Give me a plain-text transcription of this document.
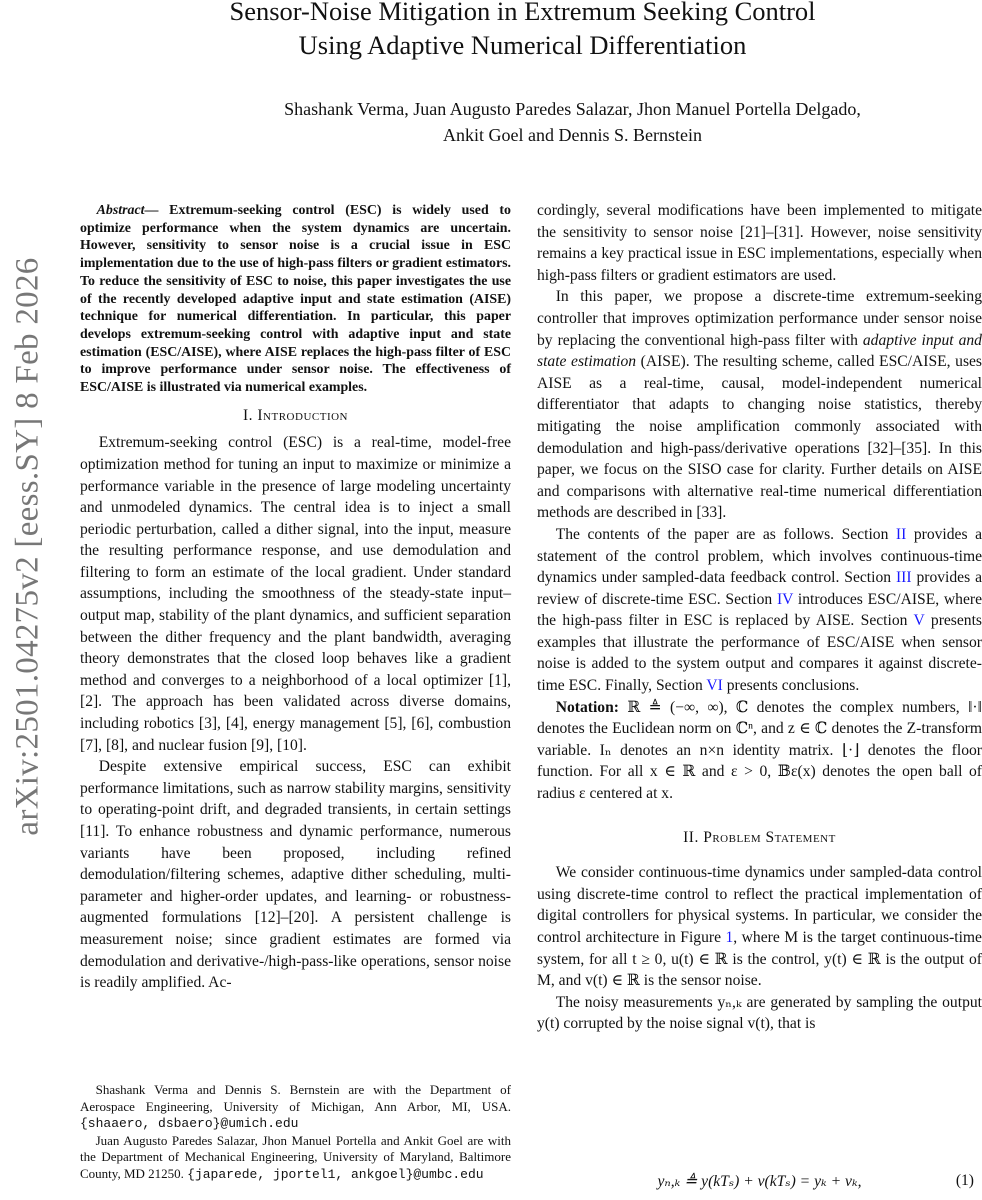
Sensor-Noise Mitigation in Extremum Seeking Control
Using Adaptive Numerical Differentiation
Shashank Verma, Juan Augusto Paredes Salazar, Jhon Manuel Portella Delgado,
Ankit Goel and Dennis S. Bernstein
arXiv:2501.04275v2 [eess.SY] 8 Feb 2026
Abstract— Extremum-seeking control (ESC) is widely used to optimize performance when the system dynamics are uncertain. However, sensitivity to sensor noise is a crucial issue in ESC implementation due to the use of high-pass filters or gradient estimators. To reduce the sensitivity of ESC to noise, this paper investigates the use of the recently developed adaptive input and state estimation (AISE) technique for numerical differentiation. In particular, this paper develops extremum-seeking control with adaptive input and state estimation (ESC/AISE), where AISE replaces the high-pass filter of ESC to improve performance under sensor noise. The effectiveness of ESC/AISE is illustrated via numerical examples.
I. Introduction

Extremum-seeking control (ESC) is a real-time, model-free optimization method for tuning an input to maximize or minimize a performance variable in the presence of large modeling uncertainty and unmodeled dynamics. The central idea is to inject a small periodic perturbation, called a dither signal, into the input, measure the resulting performance response, and use demodulation and filtering to form an estimate of the local gradient. Under standard assumptions, including the smoothness of the steady-state input–output map, stability of the plant dynamics, and sufficient separation between the dither frequency and the plant bandwidth, averaging theory demonstrates that the closed loop behaves like a gradient method and converges to a neighborhood of a local optimizer [1], [2]. The approach has been validated across diverse domains, including robotics [3], [4], energy management [5], [6], combustion [7], [8], and nuclear fusion [9], [10].

Despite extensive empirical success, ESC can exhibit performance limitations, such as narrow stability margins, sensitivity to operating-point drift, and degraded transients, in certain settings [11]. To enhance robustness and dynamic performance, numerous variants have been proposed, including refined demodulation/filtering schemes, adaptive dither scheduling, multi-parameter and higher-order updates, and learning- or robustness-augmented formulations [12]–[20]. A persistent challenge is measurement noise; since gradient estimates are formed via demodulation and derivative-/high-pass-like operations, sensor noise is readily amplified. Ac-

Shashank Verma and Dennis S. Bernstein are with the Department of Aerospace Engineering, University of Michigan, Ann Arbor, MI, USA. {shaaero, dsbaero}@umich.edu

Juan Augusto Paredes Salazar, Jhon Manuel Portella and Ankit Goel are with the Department of Mechanical Engineering, University of Maryland, Baltimore County, MD 21250. {japarede, jportel1, ankgoel}@umbc.edu

cordingly, several modifications have been implemented to mitigate the sensitivity to sensor noise [21]–[31]. However, noise sensitivity remains a key practical issue in ESC implementations, especially when high-pass filters or gradient estimators are used.

In this paper, we propose a discrete-time extremum-seeking controller that improves optimization performance under sensor noise by replacing the conventional high-pass filter with adaptive input and state estimation (AISE). The resulting scheme, called ESC/AISE, uses AISE as a real-time, causal, model-independent numerical differentiator that adapts to changing noise statistics, thereby mitigating the noise amplification commonly associated with demodulation and high-pass/derivative operations [32]–[35]. In this paper, we focus on the SISO case for clarity. Further details on AISE and comparisons with alternative real-time numerical differentiation methods are described in [33].

The contents of the paper are as follows. Section II provides a statement of the control problem, which involves continuous-time dynamics under sampled-data feedback control. Section III provides a review of discrete-time ESC. Section IV introduces ESC/AISE, where the high-pass filter in ESC is replaced by AISE. Section V presents examples that illustrate the performance of ESC/AISE when sensor noise is added to the system output and compares it against discrete-time ESC. Finally, Section VI presents conclusions.

Notation: ℝ ≜ (−∞, ∞), ℂ denotes the complex numbers, ‖·‖ denotes the Euclidean norm on ℂⁿ, and z ∈ ℂ denotes the Z-transform variable. Iₙ denotes an n×n identity matrix. ⌊·⌋ denotes the floor function. For all x ∈ ℝ and ε > 0, 𝔹ε(x) denotes the open ball of radius ε centered at x.

II. Problem Statement

We consider continuous-time dynamics under sampled-data control using discrete-time control to reflect the practical implementation of digital controllers for physical systems. In particular, we consider the control architecture in Figure 1, where M is the target continuous-time system, for all t ≥ 0, u(t) ∈ ℝ is the control, y(t) ∈ ℝ is the output of M, and v(t) ∈ ℝ is the sensor noise.

The noisy measurements yₙ,ₖ are generated by sampling the output y(t) corrupted by the noise signal v(t), that is

yₙ,ₖ ≜ y(kTₛ) + v(kTₛ) = yₖ + vₖ,	(1)
